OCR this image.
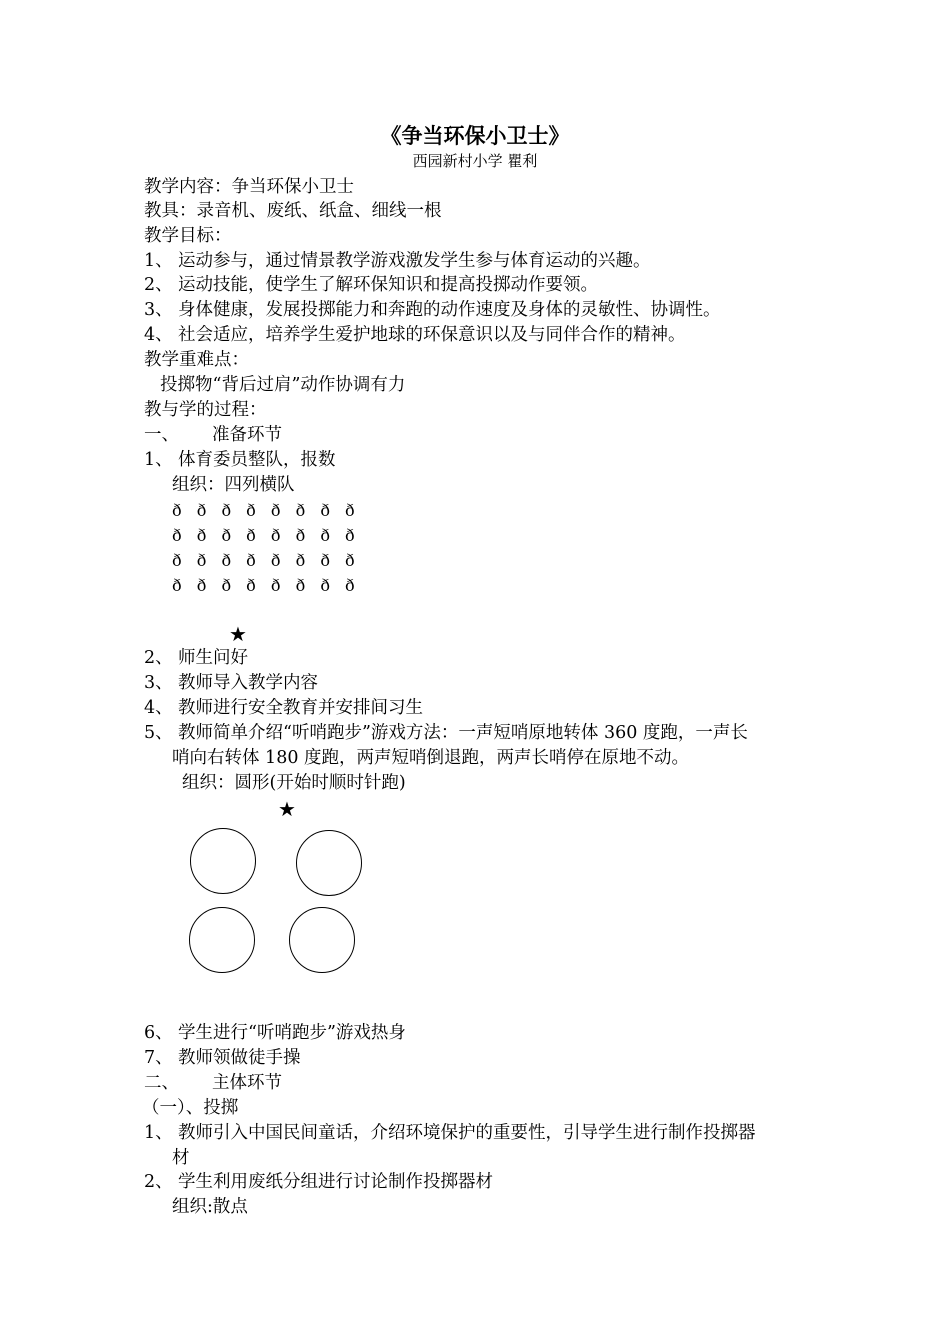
《争当环保小卫士》
西园新村小学 瞿利
教学内容：争当环保小卫士
教具：录音机、废纸、纸盒、细线一根
教学目标：
1、 运动参与，通过情景教学游戏激发学生参与体育运动的兴趣。
2、 运动技能，使学生了解环保知识和提高投掷动作要领。
3、 身体健康，发展投掷能力和奔跑的动作速度及身体的灵敏性、协调性。
4、 社会适应，培养学生爱护地球的环保意识以及与同伴合作的精神。
教学重难点：
投掷物“背后过肩”动作协调有力
教与学的过程：
一、 准备环节
1、 体育委员整队，报数
组织：四列横队
ð ð ð ð ð ð ð ð
ð ð ð ð ð ð ð ð
ð ð ð ð ð ð ð ð
ð ð ð ð ð ð ð ð
★
2、 师生问好
3、 教师导入教学内容
4、 教师进行安全教育并安排间习生
5、 教师简单介绍“听哨跑步”游戏方法：一声短哨原地转体 360 度跑，一声长
哨向右转体 180 度跑，两声短哨倒退跑，两声长哨停在原地不动。
组织：圆形(开始时顺时针跑)
★
6、 学生进行“听哨跑步”游戏热身
7、 教师领做徒手操
二、 主体环节
（一）、投掷
1、 教师引入中国民间童话，介绍环境保护的重要性，引导学生进行制作投掷器
材
2、 学生利用废纸分组进行讨论制作投掷器材
组织:散点
